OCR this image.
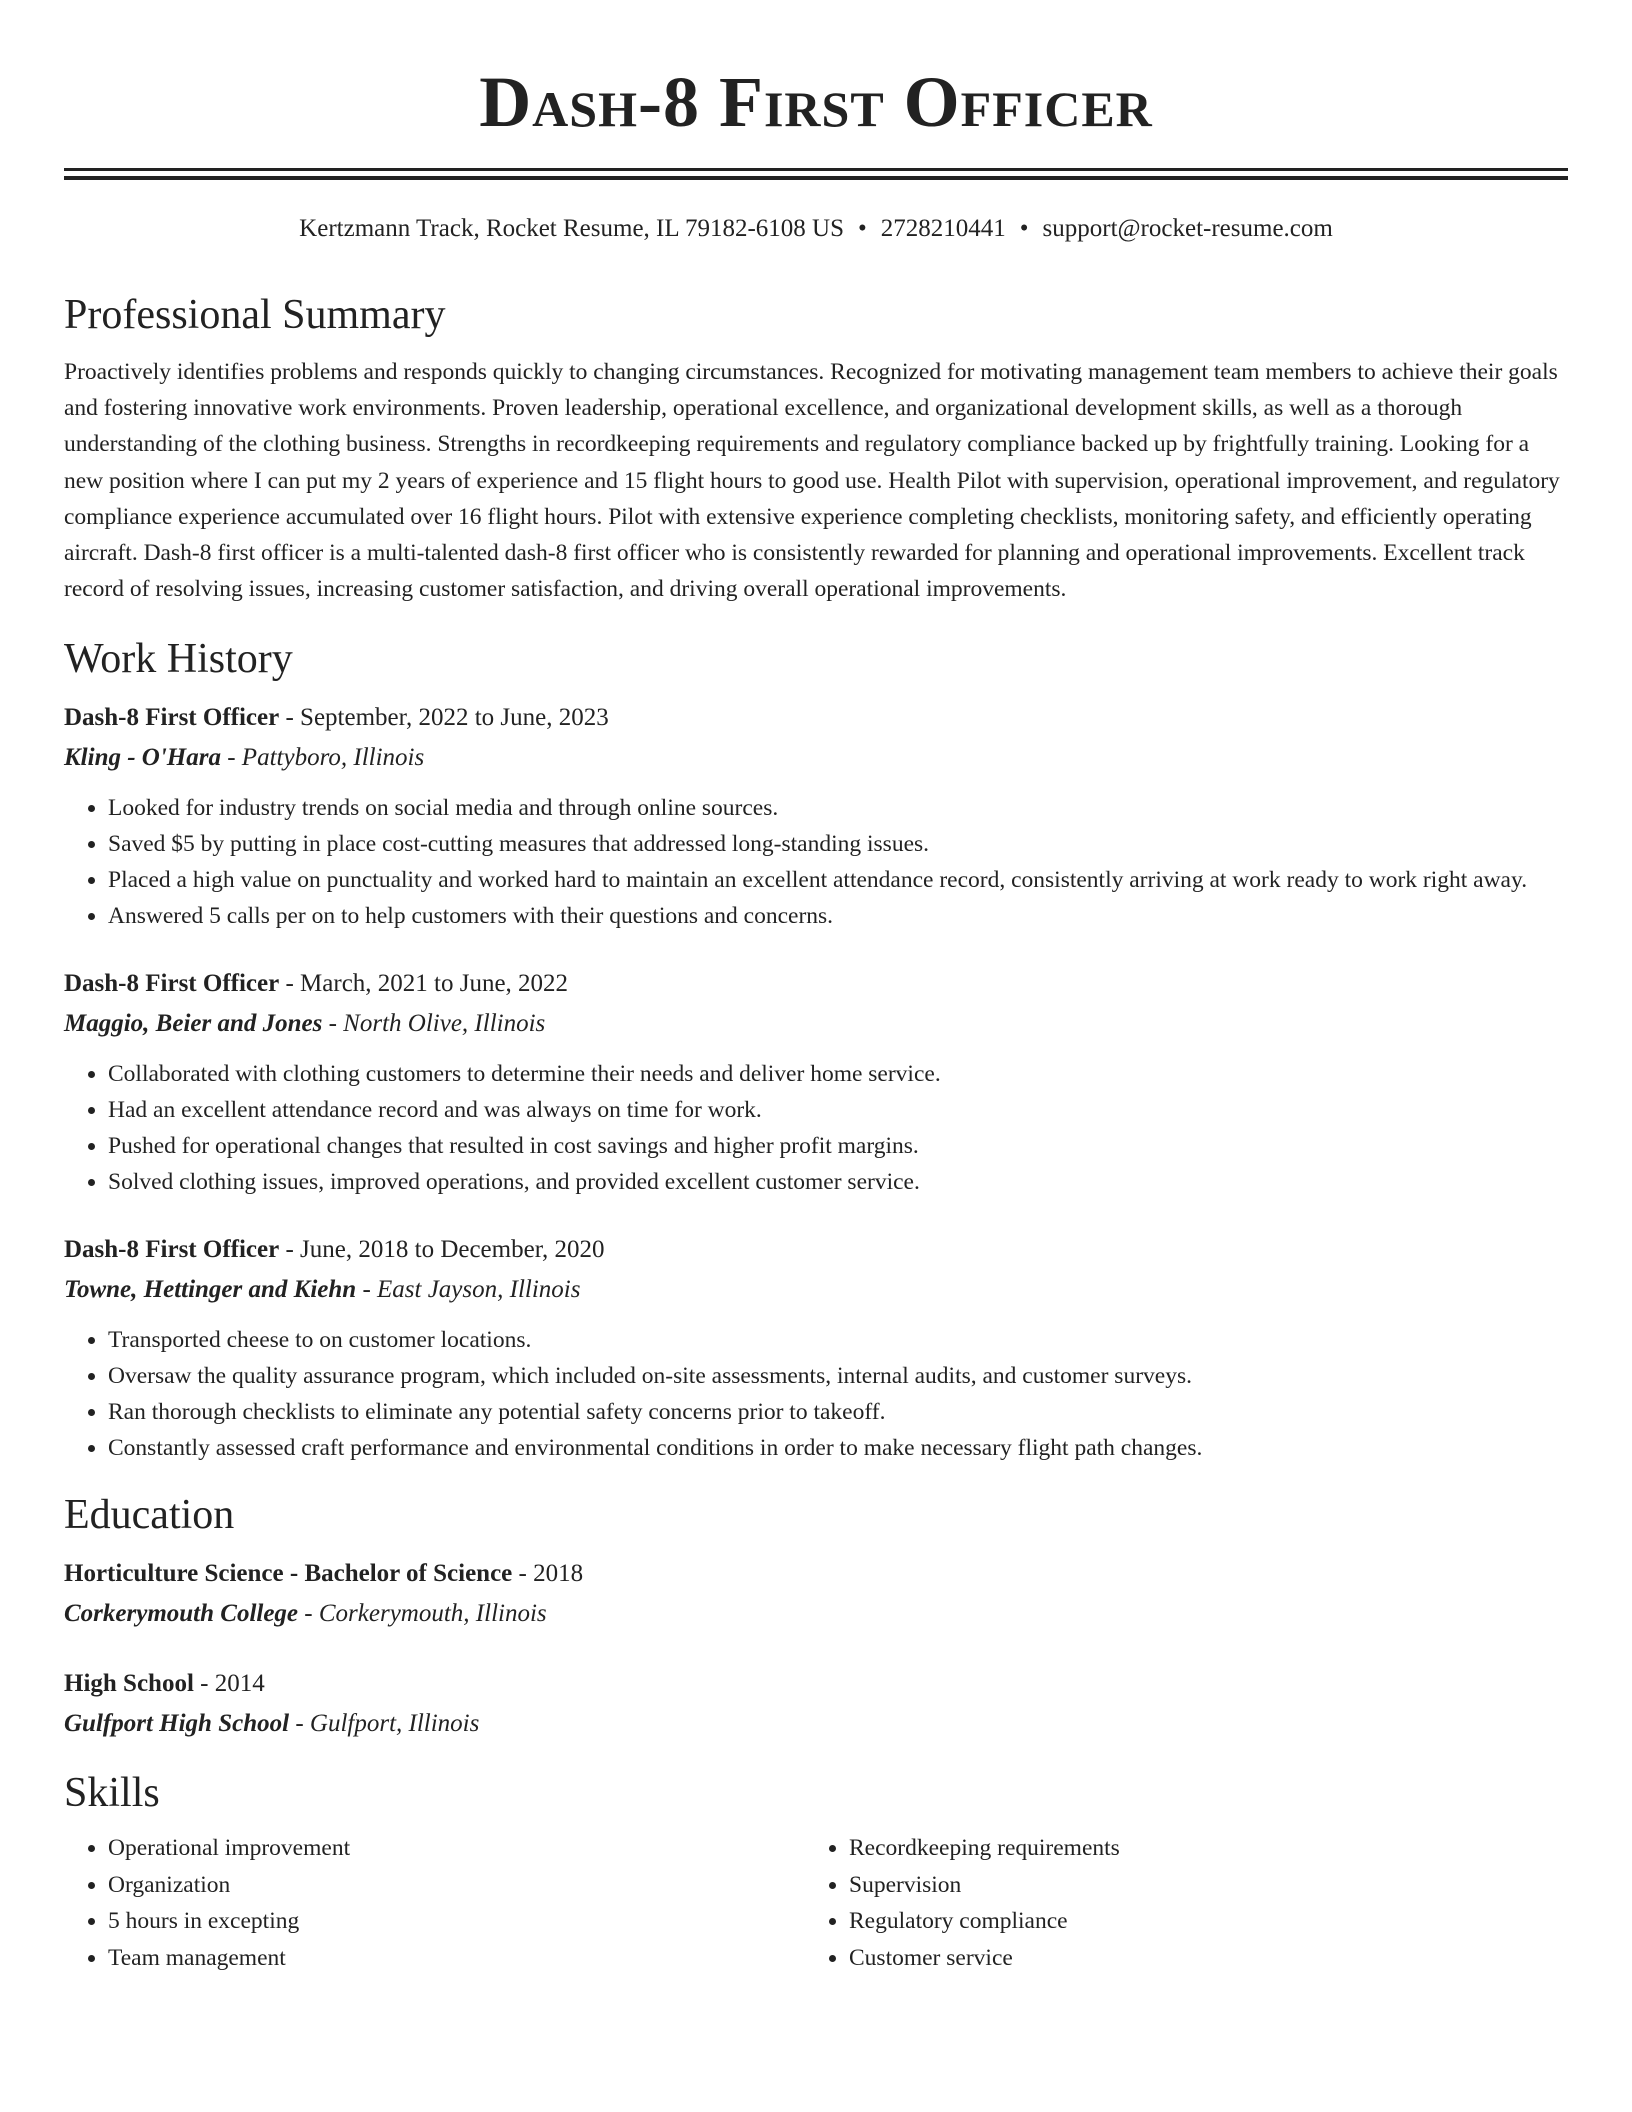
Dash-8 First Officer
Kertzmann Track, Rocket Resume, IL 79182-6108 US • 2728210441 • support@rocket-resume.com
Professional Summary

Proactively identifies problems and responds quickly to changing circumstances. Recognized for motivating management team members to achieve their goals and fostering innovative work environments. Proven leadership, operational excellence, and organizational development skills, as well as a thorough understanding of the clothing business. Strengths in recordkeeping requirements and regulatory compliance backed up by frightfully training. Looking for a new position where I can put my 2 years of experience and 15 flight hours to good use. Health Pilot with supervision, operational improvement, and regulatory compliance experience accumulated over 16 flight hours. Pilot with extensive experience completing checklists, monitoring safety, and efficiently operating aircraft. Dash-8 first officer is a multi-talented dash-8 first officer who is consistently rewarded for planning and operational improvements. Excellent track record of resolving issues, increasing customer satisfaction, and driving overall operational improvements.

Work History
Dash-8 First Officer - September, 2022 to June, 2023
Kling - O'Hara - Pattyboro, Illinois
• Looked for industry trends on social media and through online sources.
• Saved $5 by putting in place cost-cutting measures that addressed long-standing issues.
• Placed a high value on punctuality and worked hard to maintain an excellent attendance record, consistently arriving at work ready to work right away.
• Answered 5 calls per on to help customers with their questions and concerns.
Dash-8 First Officer - March, 2021 to June, 2022
Maggio, Beier and Jones - North Olive, Illinois
• Collaborated with clothing customers to determine their needs and deliver home service.
• Had an excellent attendance record and was always on time for work.
• Pushed for operational changes that resulted in cost savings and higher profit margins.
• Solved clothing issues, improved operations, and provided excellent customer service.
Dash-8 First Officer - June, 2018 to December, 2020
Towne, Hettinger and Kiehn - East Jayson, Illinois
• Transported cheese to on customer locations.
• Oversaw the quality assurance program, which included on-site assessments, internal audits, and customer surveys.
• Ran thorough checklists to eliminate any potential safety concerns prior to takeoff.
• Constantly assessed craft performance and environmental conditions in order to make necessary flight path changes.
Education
Horticulture Science - Bachelor of Science - 2018
Corkerymouth College - Corkerymouth, Illinois
High School - 2014
Gulfport High School - Gulfport, Illinois
Skills
• Operational improvement
• Organization
• 5 hours in excepting
• Team management
• Recordkeeping requirements
• Supervision
• Regulatory compliance
• Customer service
